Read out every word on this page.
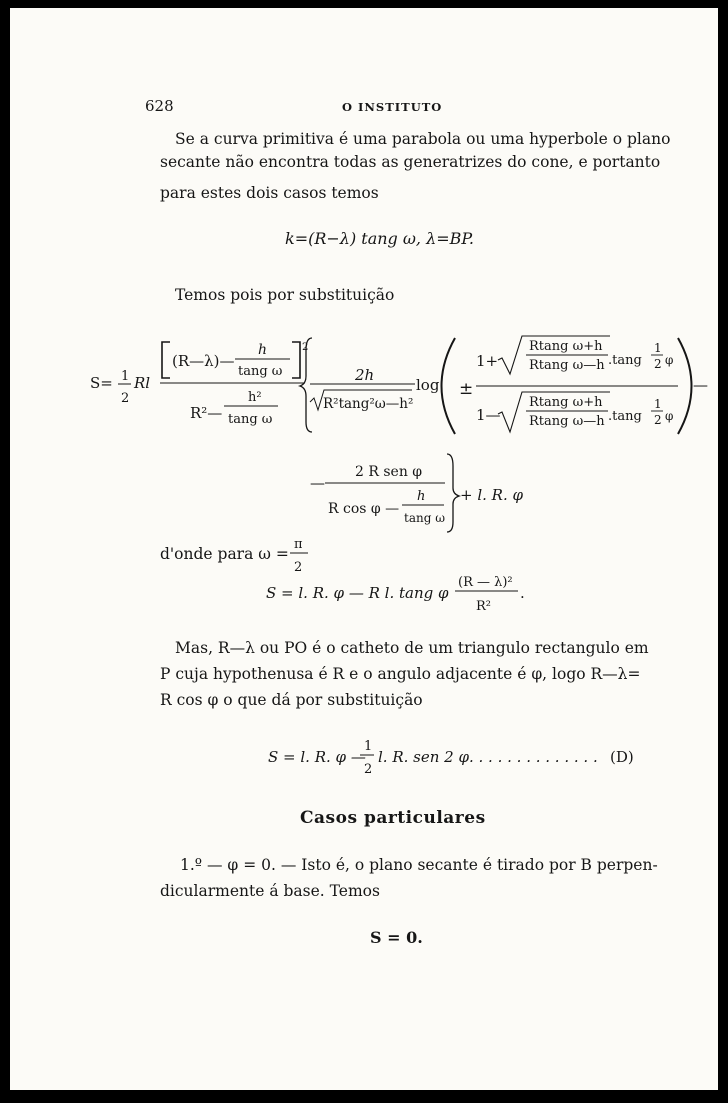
628	O INSTITUTO
Se a curva primitiva é uma parabola ou uma hyperbole o plano
secante não encontra todas as generatrizes do cone, e portanto
para estes dois casos temos
k=(R−λ) tang ω, λ=BP.
Temos pois por substituição
S= 1
2
Rl
(R—λ)—
h
tang ω
2
h²
R²— tang ω
2h
R²tang²ω—h²
log ±
1+
Rtang ω+h
Rtang ω—h .tang
1
2 φ
1—
Rtang ω+h
Rtang ω—h .tang
1
2 φ
—
—
2 R sen φ
R cos φ —
h
tang ω
+ l. R. φ
d'onde para ω =
π
2
S = l. R. φ — R l. tang φ
(R — λ)²
R²
.
Mas, R—λ ou PO é o catheto de um triangulo rectangulo em
P cuja hypothenusa é R e o angulo adjacente é φ, logo R—λ=
R cos φ o que dá por substituição
S = l. R. φ —
1
2
l. R. sen 2 φ. . . . . . . . . . . . . . (D)
Casos particulares
1.º — φ = 0. — Isto é, o plano secante é tirado por B perpen-
dicularmente á base. Temos
S = 0.
